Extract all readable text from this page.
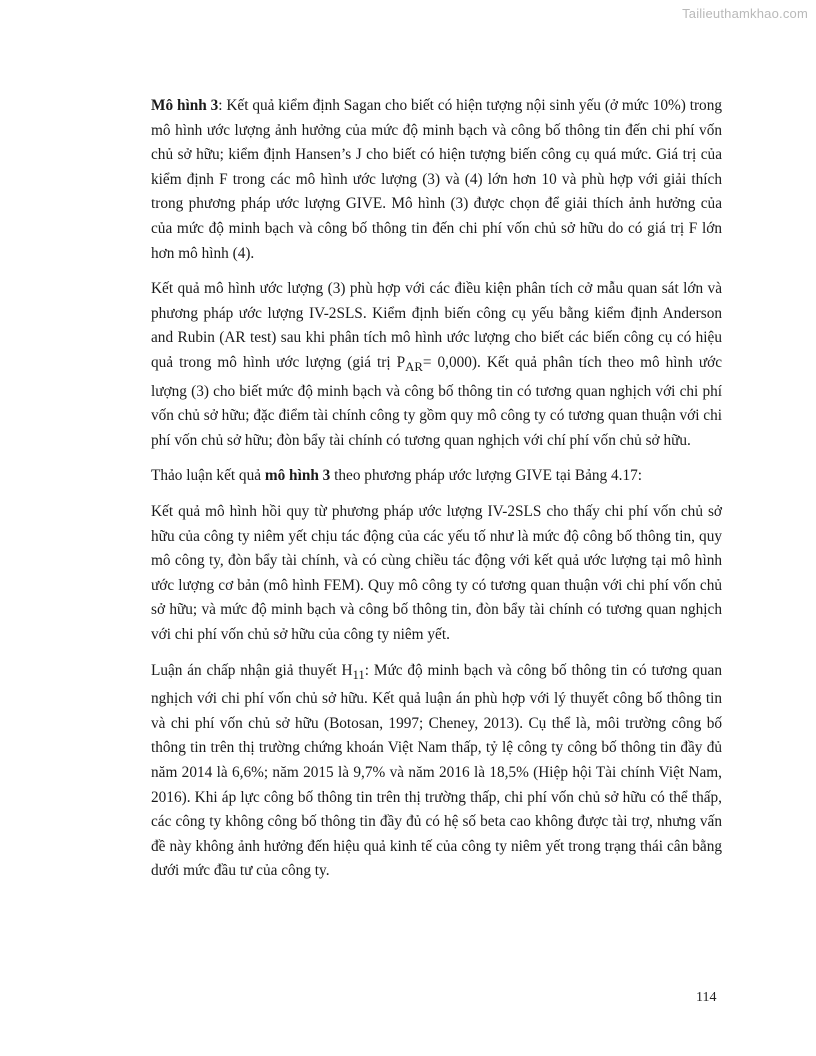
Tailieuthamkhao.com

Mô hình 3: Kết quả kiểm định Sagan cho biết có hiện tượng nội sinh yếu (ở mức 10%) trong mô hình ước lượng ảnh hưởng của mức độ minh bạch và công bố thông tin đến chi phí vốn chủ sở hữu; kiểm định Hansen’s J cho biết có hiện tượng biến công cụ quá mức. Giá trị của kiểm định F trong các mô hình ước lượng (3) và (4) lớn hơn 10 và phù hợp với giải thích trong phương pháp ước lượng GIVE. Mô hình (3) được chọn để giải thích ảnh hưởng của của mức độ minh bạch và công bố thông tin đến chi phí vốn chủ sở hữu do có giá trị F lớn hơn mô hình (4).

Kết quả mô hình ước lượng (3) phù hợp với các điều kiện phân tích cở mẫu quan sát lớn và phương pháp ước lượng IV-2SLS. Kiểm định biến công cụ yếu bằng kiểm định Anderson and Rubin (AR test) sau khi phân tích mô hình ước lượng cho biết các biến công cụ có hiệu quả trong mô hình ước lượng (giá trị $P_{AR}= 0,000$). Kết quả phân tích theo mô hình ước lượng (3) cho biết mức độ minh bạch và công bố thông tin có tương quan nghịch với chi phí vốn chủ sở hữu; đặc điểm tài chính công ty gồm quy mô công ty có tương quan thuận với chi phí vốn chủ sở hữu; đòn bẩy tài chính có tương quan nghịch với chí phí vốn chủ sở hữu.

Thảo luận kết quả mô hình 3 theo phương pháp ước lượng GIVE tại Bảng 4.17:

Kết quả mô hình hồi quy từ phương pháp ước lượng IV-2SLS cho thấy chi phí vốn chủ sở hữu của công ty niêm yết chịu tác động của các yếu tố như là mức độ công bố thông tin, quy mô công ty, đòn bẩy tài chính, và có cùng chiều tác động với kết quả ước lượng tại mô hình ước lượng cơ bản (mô hình FEM). Quy mô công ty có tương quan thuận với chi phí vốn chủ sở hữu; và mức độ minh bạch và công bố thông tin, đòn bẩy tài chính có tương quan nghịch với chi phí vốn chủ sở hữu của công ty niêm yết.

Luận án chấp nhận giả thuyết $H_{11}$: Mức độ minh bạch và công bố thông tin có tương quan nghịch với chi phí vốn chủ sở hữu. Kết quả luận án phù hợp với lý thuyết công bố thông tin và chi phí vốn chủ sở hữu (Botosan, 1997; Cheney, 2013). Cụ thể là, môi trường công bố thông tin trên thị trường chứng khoán Việt Nam thấp, tỷ lệ công ty công bố thông tin đầy đủ năm 2014 là 6,6%; năm 2015 là 9,7% và năm 2016 là 18,5% (Hiệp hội Tài chính Việt Nam, 2016). Khi áp lực công bố thông tin trên thị trường thấp, chi phí vốn chủ sở hữu có thể thấp, các công ty không công bố thông tin đầy đủ có hệ số beta cao không được tài trợ, nhưng vấn đề này không ảnh hưởng đến hiệu quả kinh tế của công ty niêm yết trong trạng thái cân bằng dưới mức đầu tư của công ty.

114
